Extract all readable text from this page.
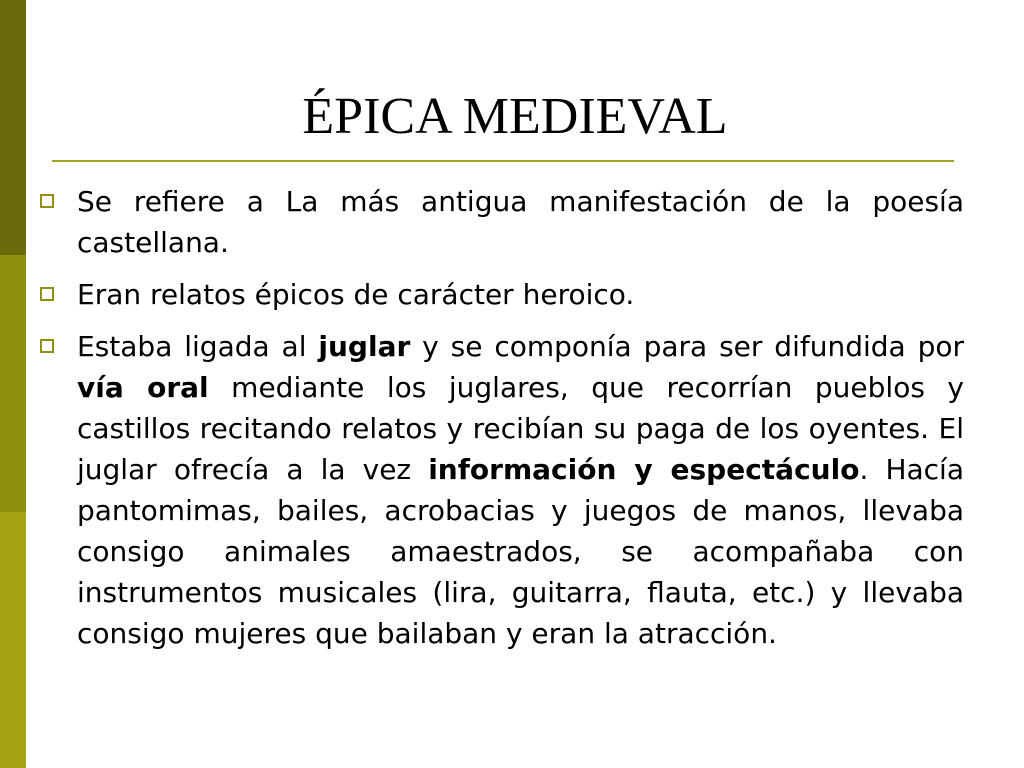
ÉPICA MEDIEVAL
Se refiere a La más antigua manifestación de la poesía castellana.
Eran relatos épicos de carácter heroico.
Estaba ligada al juglar y se componía para ser difundida por vía oral mediante los juglares, que recorrían pueblos y castillos recitando relatos y recibían su paga de los oyentes. El juglar ofrecía a la vez información y espectáculo. Hacía pantomimas, bailes, acrobacias y juegos de manos, llevaba consigo animales amaestrados, se acompañaba con instrumentos musicales (lira, guitarra, flauta, etc.) y llevaba consigo mujeres que bailaban y eran la atracción.
